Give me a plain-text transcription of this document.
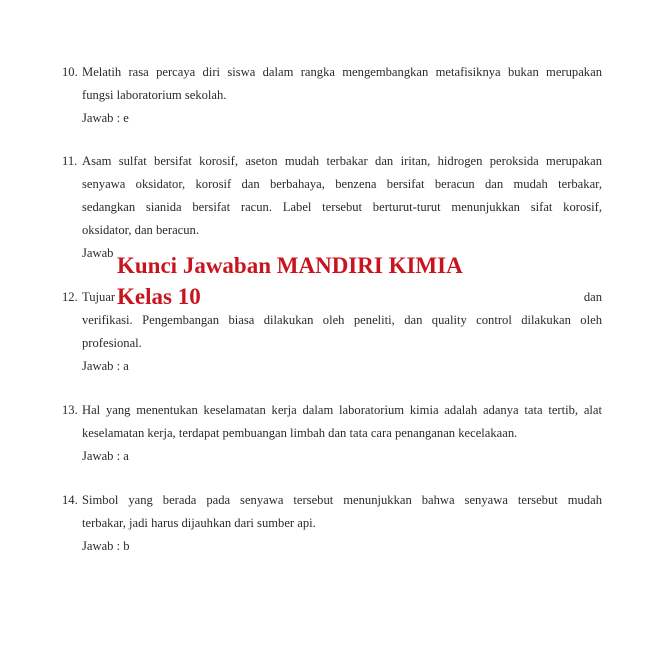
10. Melatih rasa percaya diri siswa dalam rangka mengembangkan metafisiknya bukan merupakan
fungsi laboratorium sekolah.
Jawab : e
11. Asam sulfat bersifat korosif, aseton mudah terbakar dan iritan, hidrogen peroksida merupakan
senyawa oksidator, korosif dan berbahaya, benzena bersifat beracun dan mudah terbakar,
sedangkan sianida bersifat racun. Label tersebut berturut-turut menunjukkan sifat korosif,
oksidator, dan beracun.
Jawab
12. Tujuar	dan
verifikasi. Pengembangan biasa dilakukan oleh peneliti, dan quality control dilakukan oleh
profesional.
Jawab : a
13. Hal yang menentukan keselamatan kerja dalam laboratorium kimia adalah adanya tata tertib, alat
keselamatan kerja, terdapat pembuangan limbah dan tata cara penanganan kecelakaan.
Jawab : a
14. Simbol yang berada pada senyawa tersebut menunjukkan bahwa senyawa tersebut mudah
terbakar, jadi harus dijauhkan dari sumber api.
Jawab : b
Kunci Jawaban MANDIRI KIMIA
Kelas 10
